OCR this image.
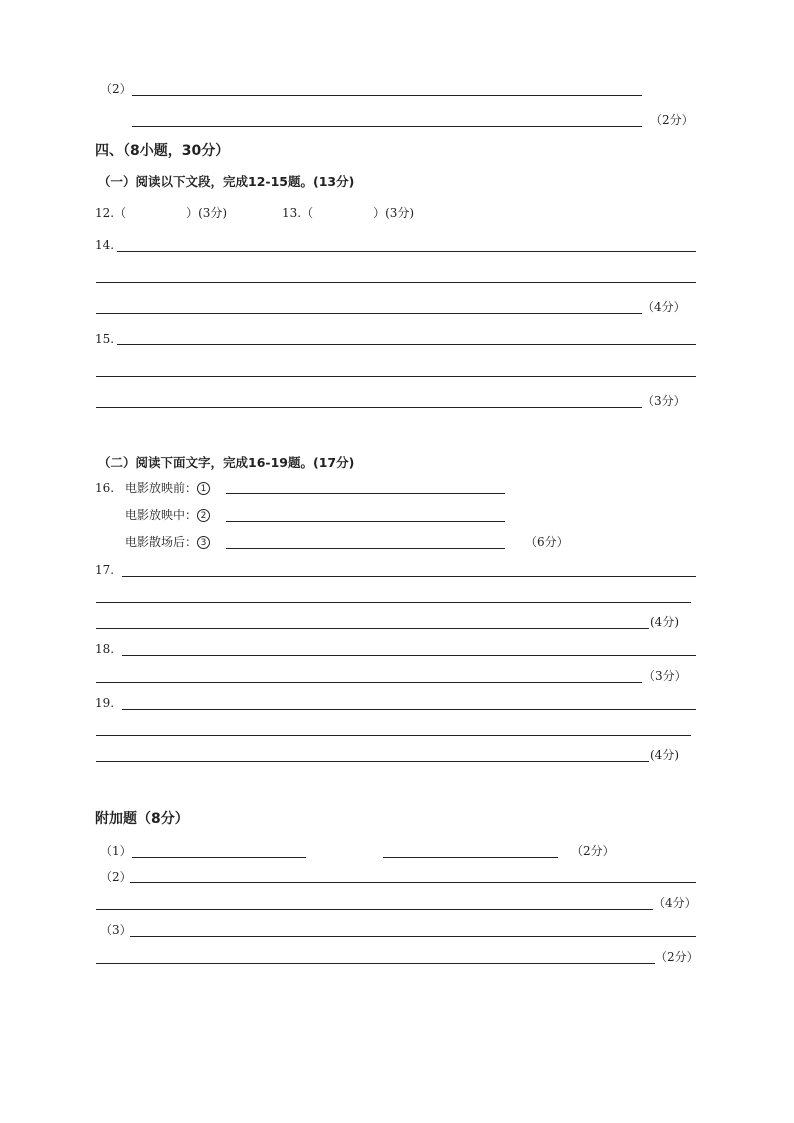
（2）
（2分）
四、（8小题，30分）
（一）阅读以下文段，完成12-15题。(13分)
12.（　　　　　）(3分)	13.（　　　　　）(3分)
14.
（4分）
15.
（3分）
（二）阅读下面文字，完成16-19题。(17分)
16. 电影放映前： 1
电影放映中： 2
电影散场后： 3	（6分）
17.
(4分)
18.
（3分）
19.
(4分)
附加题（8分）
（1）	（2分）
（2）
（4分）
（3）
（2分）
